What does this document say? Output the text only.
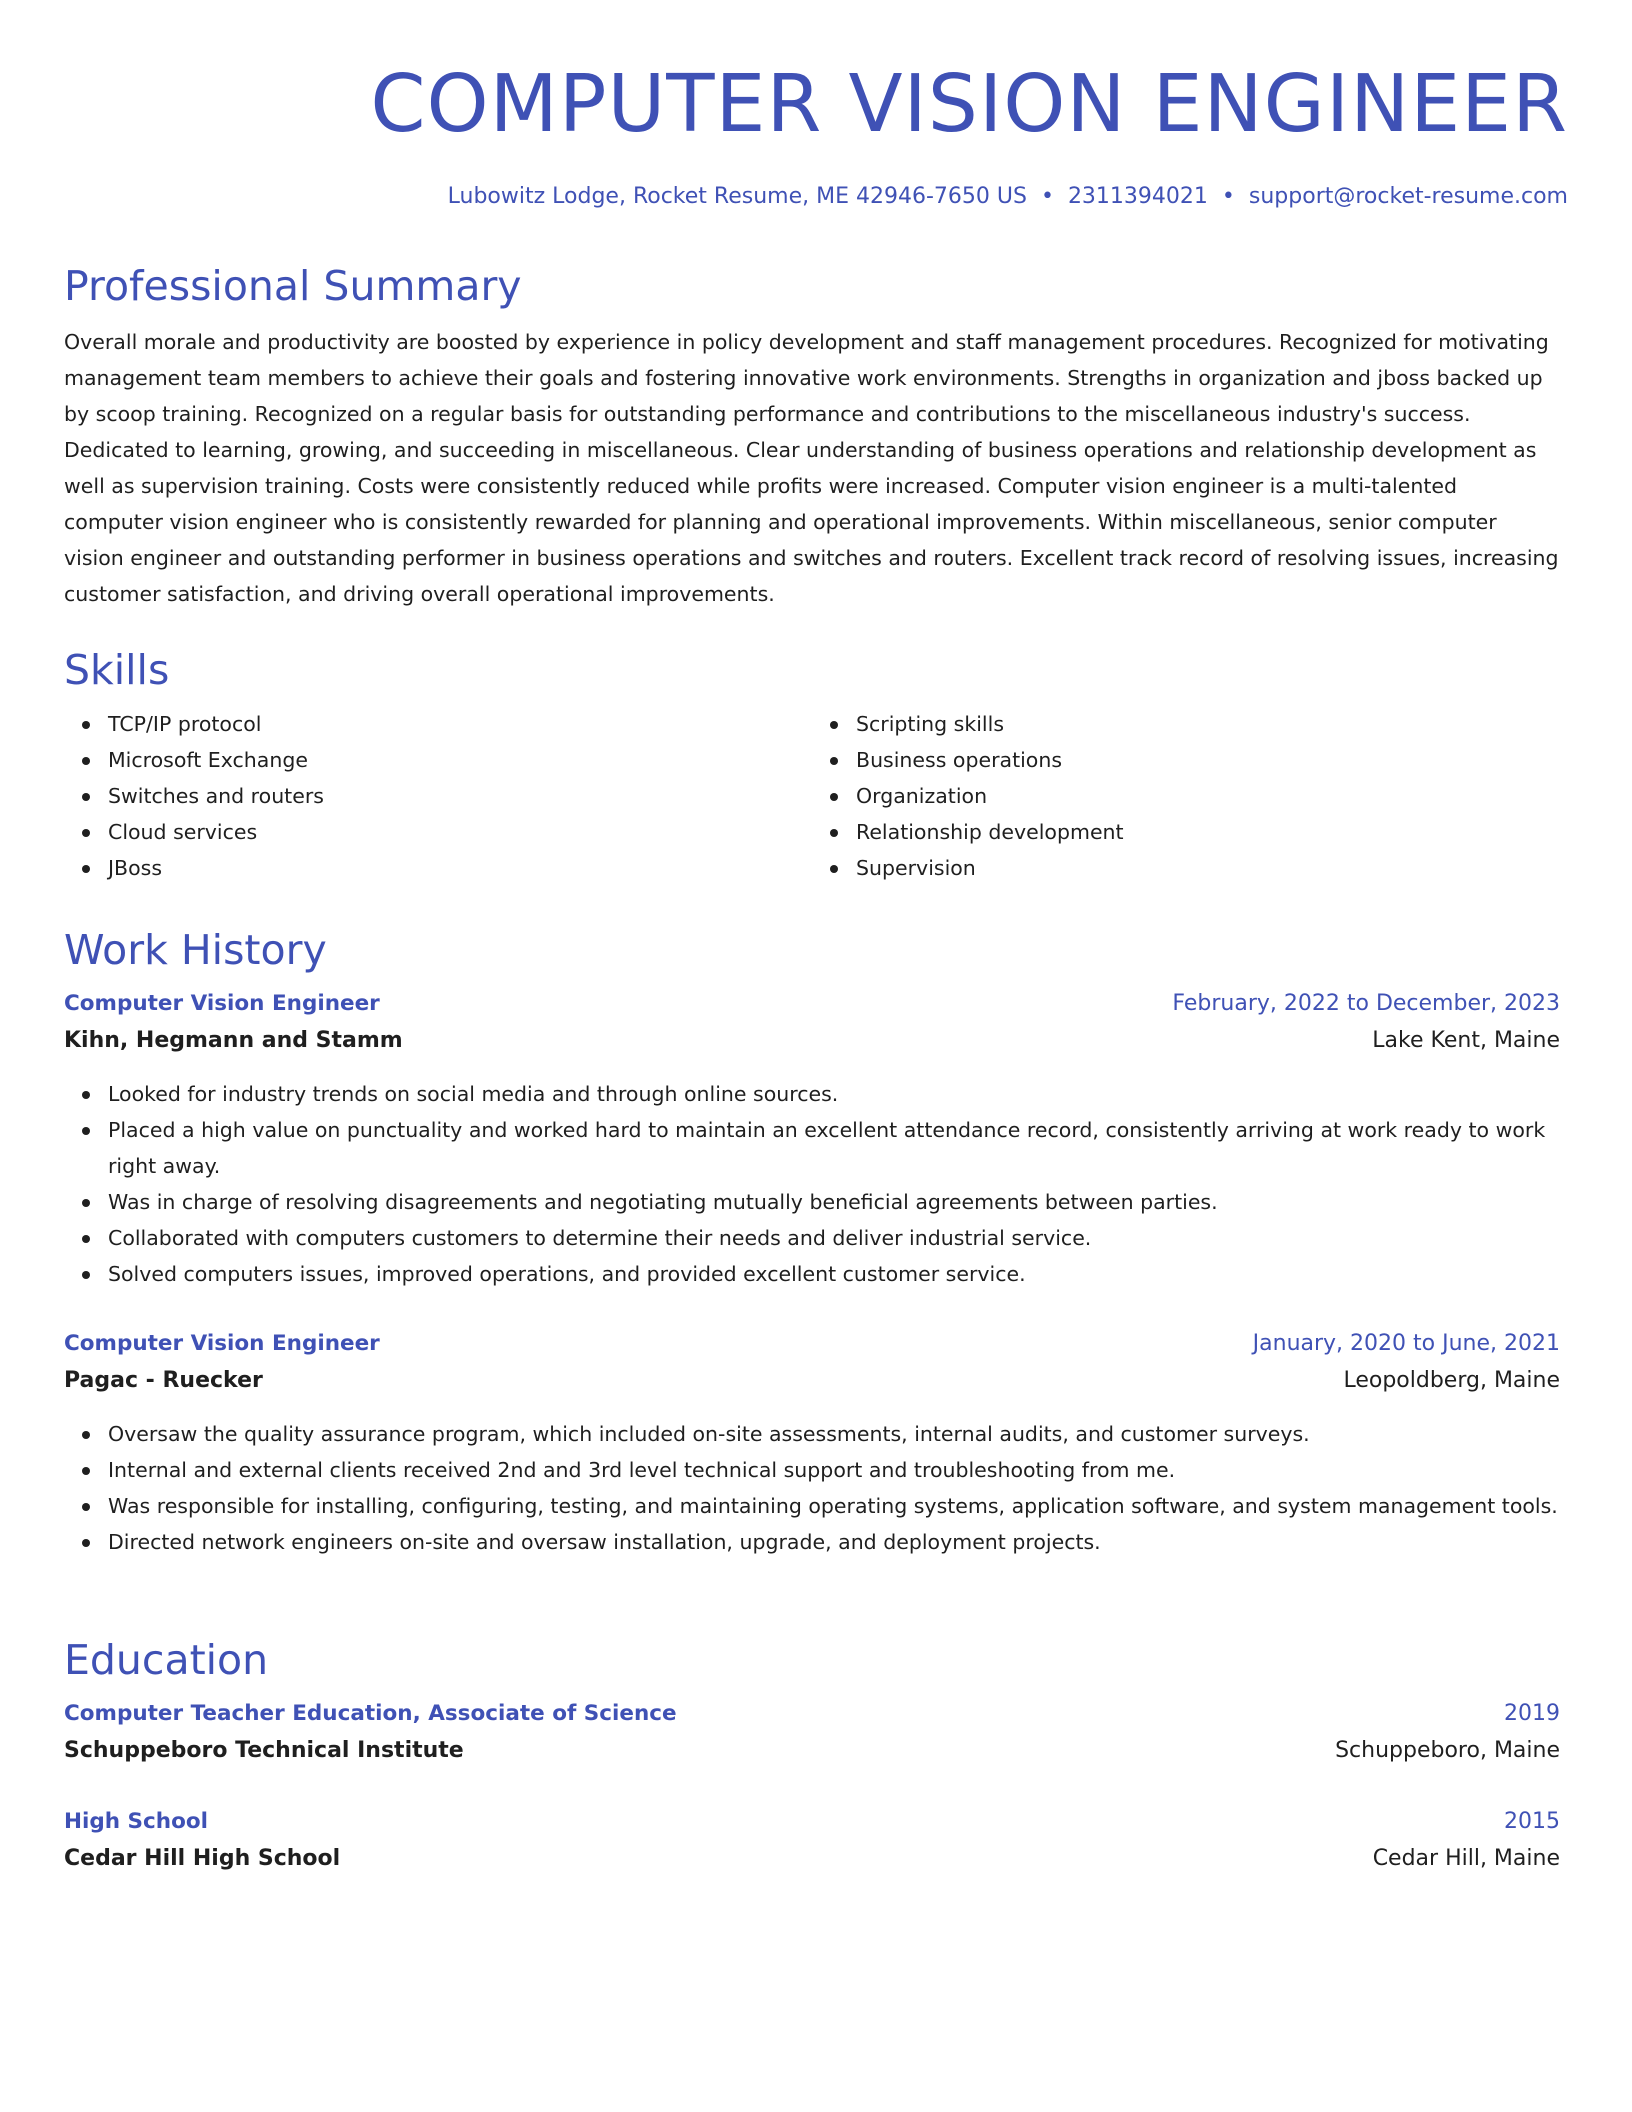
COMPUTER VISION ENGINEER
Lubowitz Lodge, Rocket Resume, ME 42946-7650 US • 2311394021 • support@rocket-resume.com
Professional Summary

Overall morale and productivity are boosted by experience in policy development and staff management procedures. Recognized for motivating management team members to achieve their goals and fostering innovative work environments. Strengths in organization and jboss backed up by scoop training. Recognized on a regular basis for outstanding performance and contributions to the miscellaneous industry's success. Dedicated to learning, growing, and succeeding in miscellaneous. Clear understanding of business operations and relationship development as well as supervision training. Costs were consistently reduced while profits were increased. Computer vision engineer is a multi-talented computer vision engineer who is consistently rewarded for planning and operational improvements. Within miscellaneous, senior computer vision engineer and outstanding performer in business operations and switches and routers. Excellent track record of resolving issues, increasing customer satisfaction, and driving overall operational improvements.

Skills
TCP/IP protocol
Microsoft Exchange
Switches and routers
Cloud services
JBoss
Scripting skills
Business operations
Organization
Relationship development
Supervision
Work History
Computer Vision Engineer	February, 2022 to December, 2023
Kihn, Hegmann and Stamm	Lake Kent, Maine
Looked for industry trends on social media and through online sources.
Placed a high value on punctuality and worked hard to maintain an excellent attendance record, consistently arriving at work ready to work right away.
Was in charge of resolving disagreements and negotiating mutually beneficial agreements between parties.
Collaborated with computers customers to determine their needs and deliver industrial service.
Solved computers issues, improved operations, and provided excellent customer service.
Computer Vision Engineer	January, 2020 to June, 2021
Pagac - Ruecker	Leopoldberg, Maine
Oversaw the quality assurance program, which included on-site assessments, internal audits, and customer surveys.
Internal and external clients received 2nd and 3rd level technical support and troubleshooting from me.
Was responsible for installing, configuring, testing, and maintaining operating systems, application software, and system management tools.
Directed network engineers on-site and oversaw installation, upgrade, and deployment projects.
Education
Computer Teacher Education, Associate of Science	2019
Schuppeboro Technical Institute	Schuppeboro, Maine
High School	2015
Cedar Hill High School	Cedar Hill, Maine
